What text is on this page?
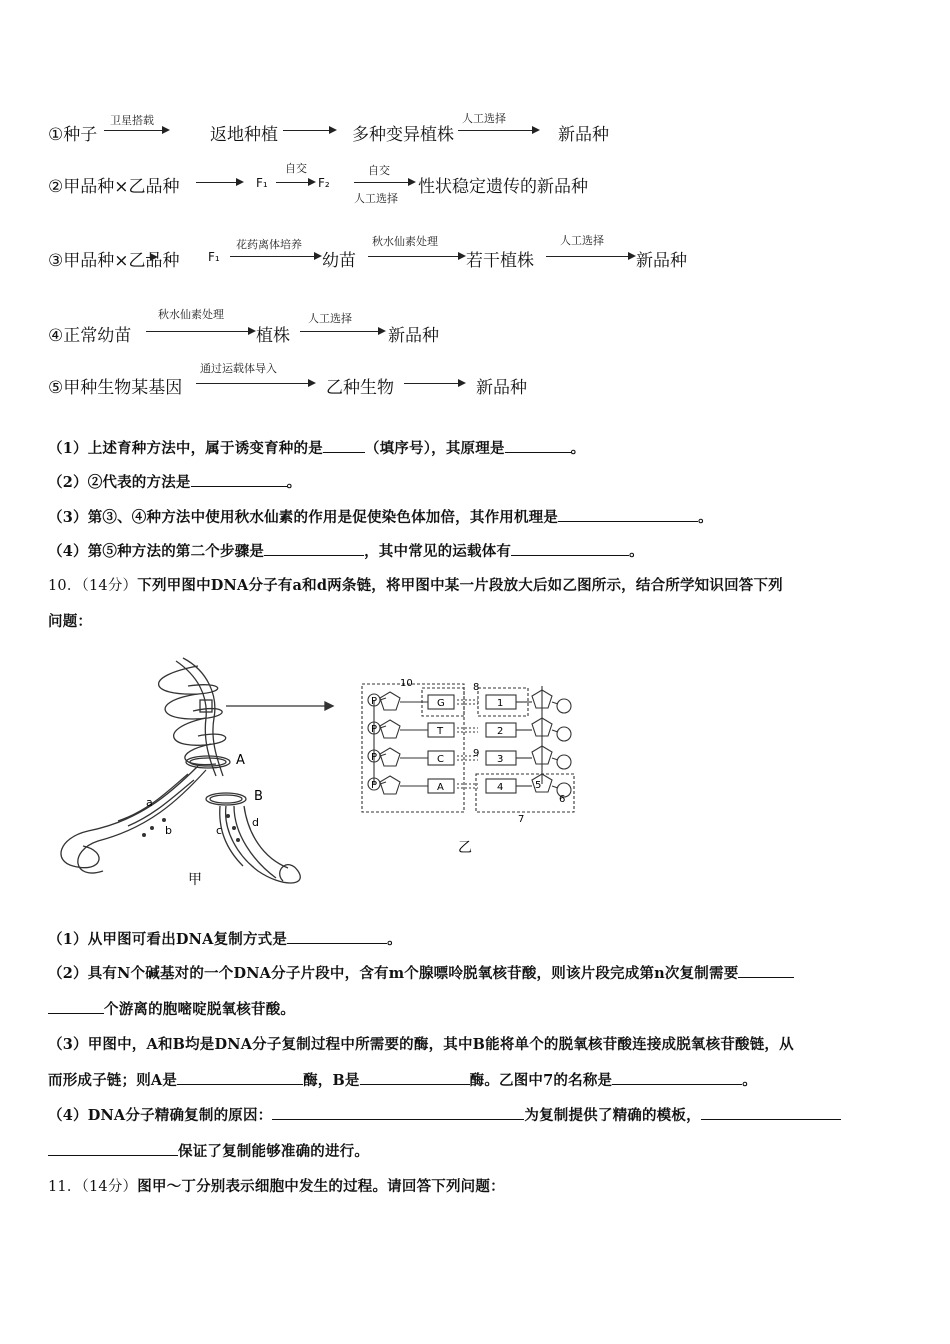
①种子	返地种植	多种变异植株	新品种
卫星搭载	人工选择
②甲品种×乙品种	F₁	F₂	性状稳定遗传的新品种
自交	自交
人工选择
③甲品种×乙品种 F₁	幼苗	若干植株	新品种
花药离体培养	秋水仙素处理	人工选择
④正常幼苗	植株	新品种
秋水仙素处理	人工选择
⑤甲种生物某基因	乙种生物	新品种
通过运载体导入
（1）上述育种方法中，属于诱变育种的是	（填序号），其原理是	。
（2）②代表的方法是	。
（3）第③、④种方法中使用秋水仙素的作用是促使染色体加倍，其作用机理是	。
（4）第⑤种方法的第二个步骤是	，其中常见的运载体有	。
10．（14分）下列甲图中DNA分子有a和d两条链，将甲图中某一片段放大后如乙图所示，结合所学知识回答下列
问题：
A
B
a
b	c
d
甲
10	8
9
7
5
6
P	G	1
P	T	2
P	C	3
P	A	4
乙
（1）从甲图可看出DNA复制方式是	。
（2）具有N个碱基对的一个DNA分子片段中，含有m个腺嘌呤脱氧核苷酸，则该片段完成第n次复制需要
个游离的胞嘧啶脱氧核苷酸。
（3）甲图中，A和B均是DNA分子复制过程中所需要的酶，其中B能将单个的脱氧核苷酸连接成脱氧核苷酸链，从
而形成子链；则A是	酶，B是	酶。乙图中7的名称是	。
（4）DNA分子精确复制的原因：	为复制提供了精确的模板，
保证了复制能够准确的进行。
11．（14分）图甲～丁分别表示细胞中发生的过程。请回答下列问题：
